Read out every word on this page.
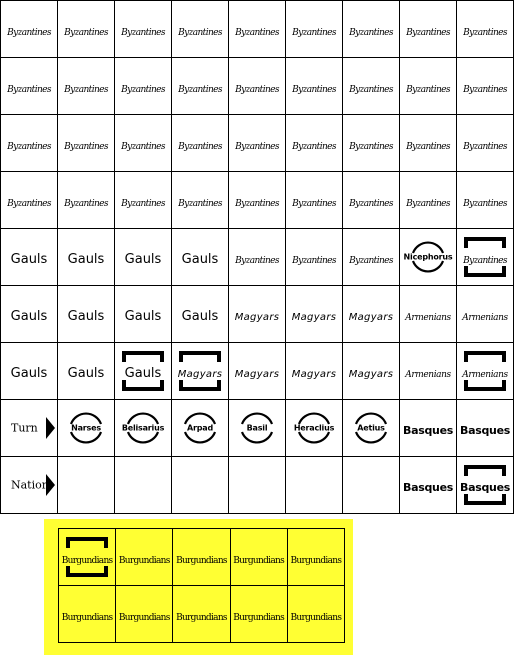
Byzantines	Byzantines	Byzantines	Byzantines	Byzantines	Byzantines	Byzantines	Byzantines	Byzantines
Byzantines	Byzantines	Byzantines	Byzantines	Byzantines	Byzantines	Byzantines	Byzantines	Byzantines
Byzantines	Byzantines	Byzantines	Byzantines	Byzantines	Byzantines	Byzantines	Byzantines	Byzantines
Byzantines	Byzantines	Byzantines	Byzantines	Byzantines	Byzantines	Byzantines	Byzantines	Byzantines
Gauls	Gauls	Gauls	Gauls	Byzantines	Byzantines	Byzantines	Nicephorus	Byzantines
Gauls	Gauls	Gauls	Gauls	Magyars	Magyars	Magyars	Armenians	Armenians
Gauls	Gauls	Gauls	Magyars	Magyars	Magyars	Magyars	Armenians	Armenians

Turn	Narses	Belisarius	Arpad	Basil	Heraclius	Aetius	Basques	Basques

Nation							Basques	Basques
Burgundians	Burgundians	Burgundians	Burgundians	Burgundians
Burgundians	Burgundians	Burgundians	Burgundians	Burgundians
